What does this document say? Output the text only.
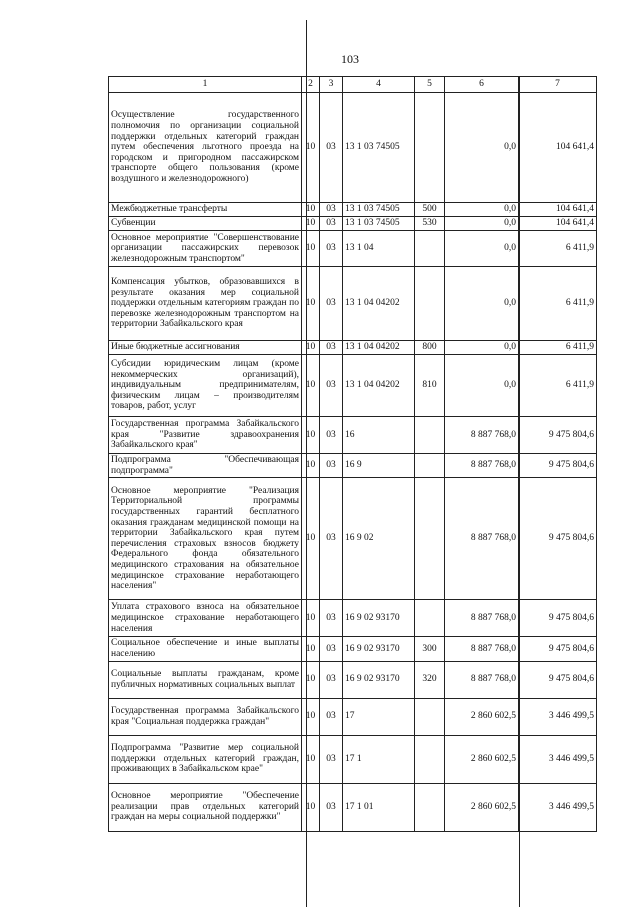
103
1	2	3	4	5	6	7
Осуществление государственного полномочия по организации социальной поддержки отдельных категорий граждан путем обеспечения льготного проезда на городском и пригородном пассажирском транспорте общего пользования (кроме воздушного и железнодорожного)	10	03	13 1 03 74505		0,0	104 641,4
Межбюджетные трансферты	10	03	13 1 03 74505	500	0,0	104 641,4
Субвенции	10	03	13 1 03 74505	530	0,0	104 641,4
Основное мероприятие "Совершенствование организации пассажирских перевозок железнодорожным транспортом"	10	03	13 1 04		0,0	6 411,9
Компенсация убытков, образовавшихся в результате оказания мер социальной поддержки отдельным категориям граждан по перевозке железнодорожным транспортом на территории Забайкальского края	10	03	13 1 04 04202		0,0	6 411,9
Иные бюджетные ассигнования	10	03	13 1 04 04202	800	0,0	6 411,9
Субсидии юридическим лицам (кроме некоммерческих организаций), индивидуальным предпринимателям, физическим лицам – производителям товаров, работ, услуг	10	03	13 1 04 04202	810	0,0	6 411,9
Государственная программа Забайкальского края "Развитие здравоохранения Забайкальского края"	10	03	16		8 887 768,0	9 475 804,6
Подпрограмма "Обеспечивающая подпрограмма"	10	03	16 9		8 887 768,0	9 475 804,6
Основное мероприятие "Реализация Территориальной программы государственных гарантий бесплатного оказания гражданам медицинской помощи на территории Забайкальского края путем перечисления страховых взносов бюджету Федерального фонда обязательного медицинского страхования на обязательное медицинское страхование неработающего населения"	10	03	16 9 02		8 887 768,0	9 475 804,6
Уплата страхового взноса на обязательное медицинское страхование неработающего населения	10	03	16 9 02 93170		8 887 768,0	9 475 804,6
Социальное обеспечение и иные выплаты населению	10	03	16 9 02 93170	300	8 887 768,0	9 475 804,6
Социальные выплаты гражданам, кроме публичных нормативных социальных выплат	10	03	16 9 02 93170	320	8 887 768,0	9 475 804,6
Государственная программа Забайкальского края "Социальная поддержка граждан"	10	03	17		2 860 602,5	3 446 499,5
Подпрограмма "Развитие мер социальной поддержки отдельных категорий граждан, проживающих в Забайкальском крае"	10	03	17 1		2 860 602,5	3 446 499,5
Основное мероприятие "Обеспечение реализации прав отдельных категорий граждан на меры социальной поддержки"	10	03	17 1 01		2 860 602,5	3 446 499,5
